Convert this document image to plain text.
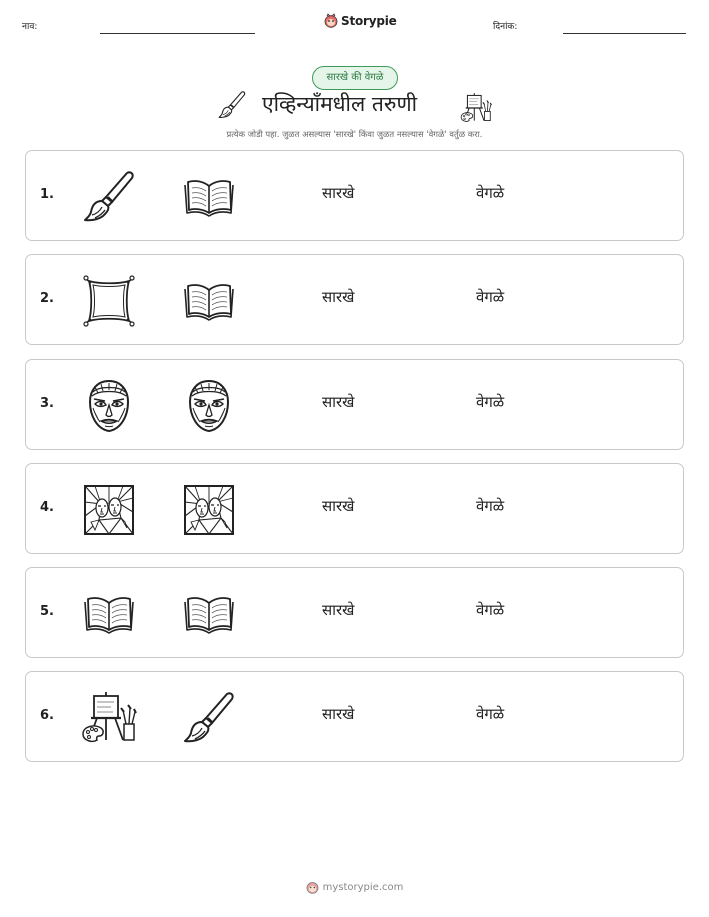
नाव:	Storypie	दिनांक:
सारखे की वेगळे
एव्हिन्याँमधील तरुणी
प्रत्येक जोडी पहा. जुळत असल्यास 'सारखे' किंवा जुळत नसल्यास 'वेगळे' वर्तुळ करा.
1.	सारखे	वेगळे
2.	सारखे	वेगळे
3.	सारखे	वेगळे
4.	सारखे	वेगळे
5.	सारखे	वेगळे
6.	सारखे	वेगळे
mystorypie.com
